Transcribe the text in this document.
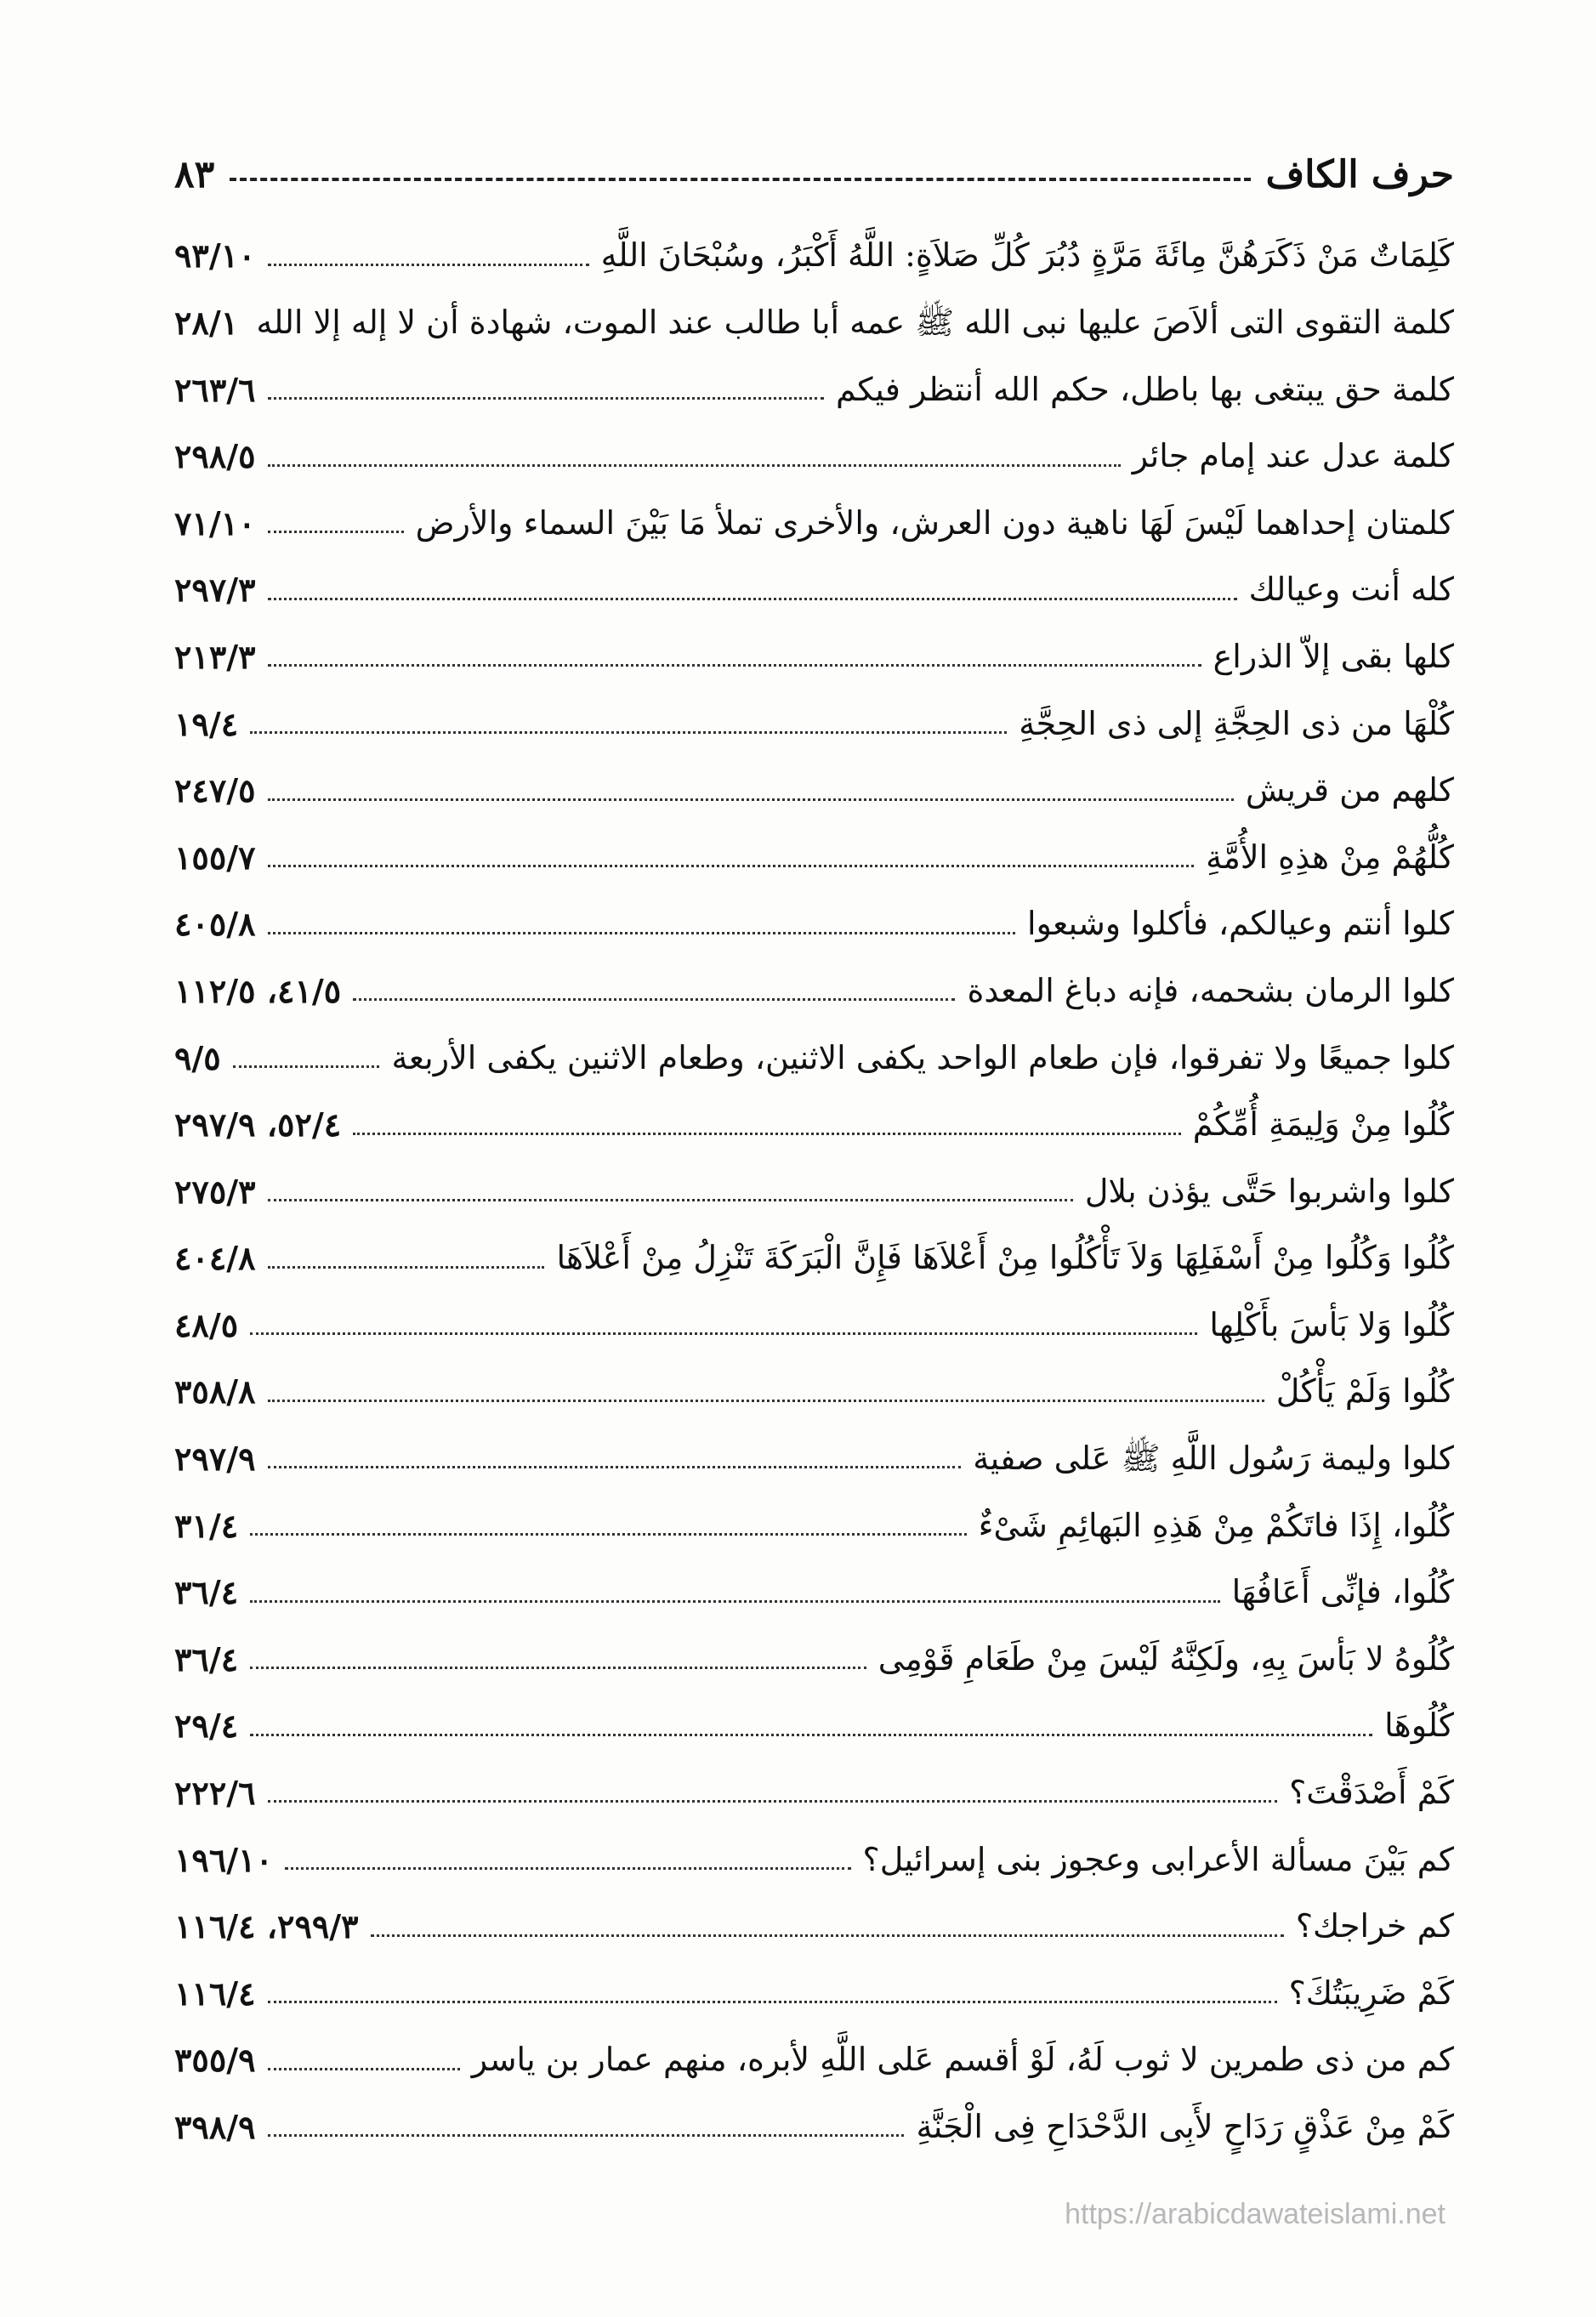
حرف الكاف
٨٣
كَلِمَاتٌ مَنْ ذَكَرَهُنَّ مِائَةَ مَرَّةٍ دُبُرَ كُلِّ صَلاَةٍ: اللَّهُ أَكْبَرُ، وسُبْحَانَ اللَّهِ
٩٣/١٠
كلمة التقوى التى ألاَصَ عليها نبى الله ﷺ عمه أبا طالب عند الموت، شهادة أن لا إله إلا الله
٢٨/١
كلمة حق يبتغى بها باطل، حكم الله أنتظر فيكم
٢٦٣/٦
كلمة عدل عند إمام جائر
٢٩٨/٥
كلمتان إحداهما لَيْسَ لَهَا ناهية دون العرش، والأخرى تملأ مَا بَيْنَ السماء والأرض
٧١/١٠
كله أنت وعيالك
٢٩٧/٣
كلها بقى إلاّ الذراع
٢١٣/٣
كُلْهَا من ذى الحِجَّةِ إلى ذى الحِجَّةِ
١٩/٤
كلهم من قريش
٢٤٧/٥
كُلُّهُمْ مِنْ هذِهِ الأُمَّةِ
١٥٥/٧
كلوا أنتم وعيالكم، فأكلوا وشبعوا
٤٠٥/٨
كلوا الرمان بشحمه، فإنه دباغ المعدة
٤١/٥، ١١٢/٥
كلوا جميعًا ولا تفرقوا، فإن طعام الواحد يكفى الاثنين، وطعام الاثنين يكفى الأربعة
٩/٥
كُلُوا مِنْ وَلِيمَةِ أُمِّكُمْ
٥٢/٤، ٢٩٧/٩
كلوا واشربوا حَتَّى يؤذن بلال
٢٧٥/٣
كُلُوا وَكُلُوا مِنْ أَسْفَلِهَا وَلاَ تَأْكُلُوا مِنْ أَعْلاَهَا فَإِنَّ الْبَرَكَةَ تَنْزِلُ مِنْ أَعْلاَهَا
٤٠٤/٨
كُلُوا وَلا بَأسَ بأَكْلِها
٤٨/٥
كُلُوا وَلَمْ يَأْكُلْ
٣٥٨/٨
كلوا وليمة رَسُول اللَّهِ ﷺ عَلى صفية
٢٩٧/٩
كُلُوا، إِذَا فاتَكُمْ مِنْ هَذِهِ البَهائِمِ شَىْءٌ
٣١/٤
كُلُوا، فإنِّى أَعَافُهَا
٣٦/٤
كُلُوهُ لا بَأسَ بِهِ، ولَكِنَّهُ لَيْسَ مِنْ طَعَامِ قَوْمِى
٣٦/٤
كُلُوهَا
٢٩/٤
كَمْ أَصْدَقْتَ؟
٢٢٢/٦
كم بَيْنَ مسألة الأعرابى وعجوز بنى إسرائيل؟
١٩٦/١٠
كم خراجك؟
٢٩٩/٣، ١١٦/٤
كَمْ ضَرِيبَتُكَ؟
١١٦/٤
كم من ذى طمرين لا ثوب لَهُ، لَوْ أقسم عَلى اللَّهِ لأبره، منهم عمار بن ياسر
٣٥٥/٩
كَمْ مِنْ عَذْقٍ رَدَاحٍ لأَبِى الدَّحْدَاحِ فِى الْجَنَّةِ
٣٩٨/٩
https://arabicdawateislami.net
